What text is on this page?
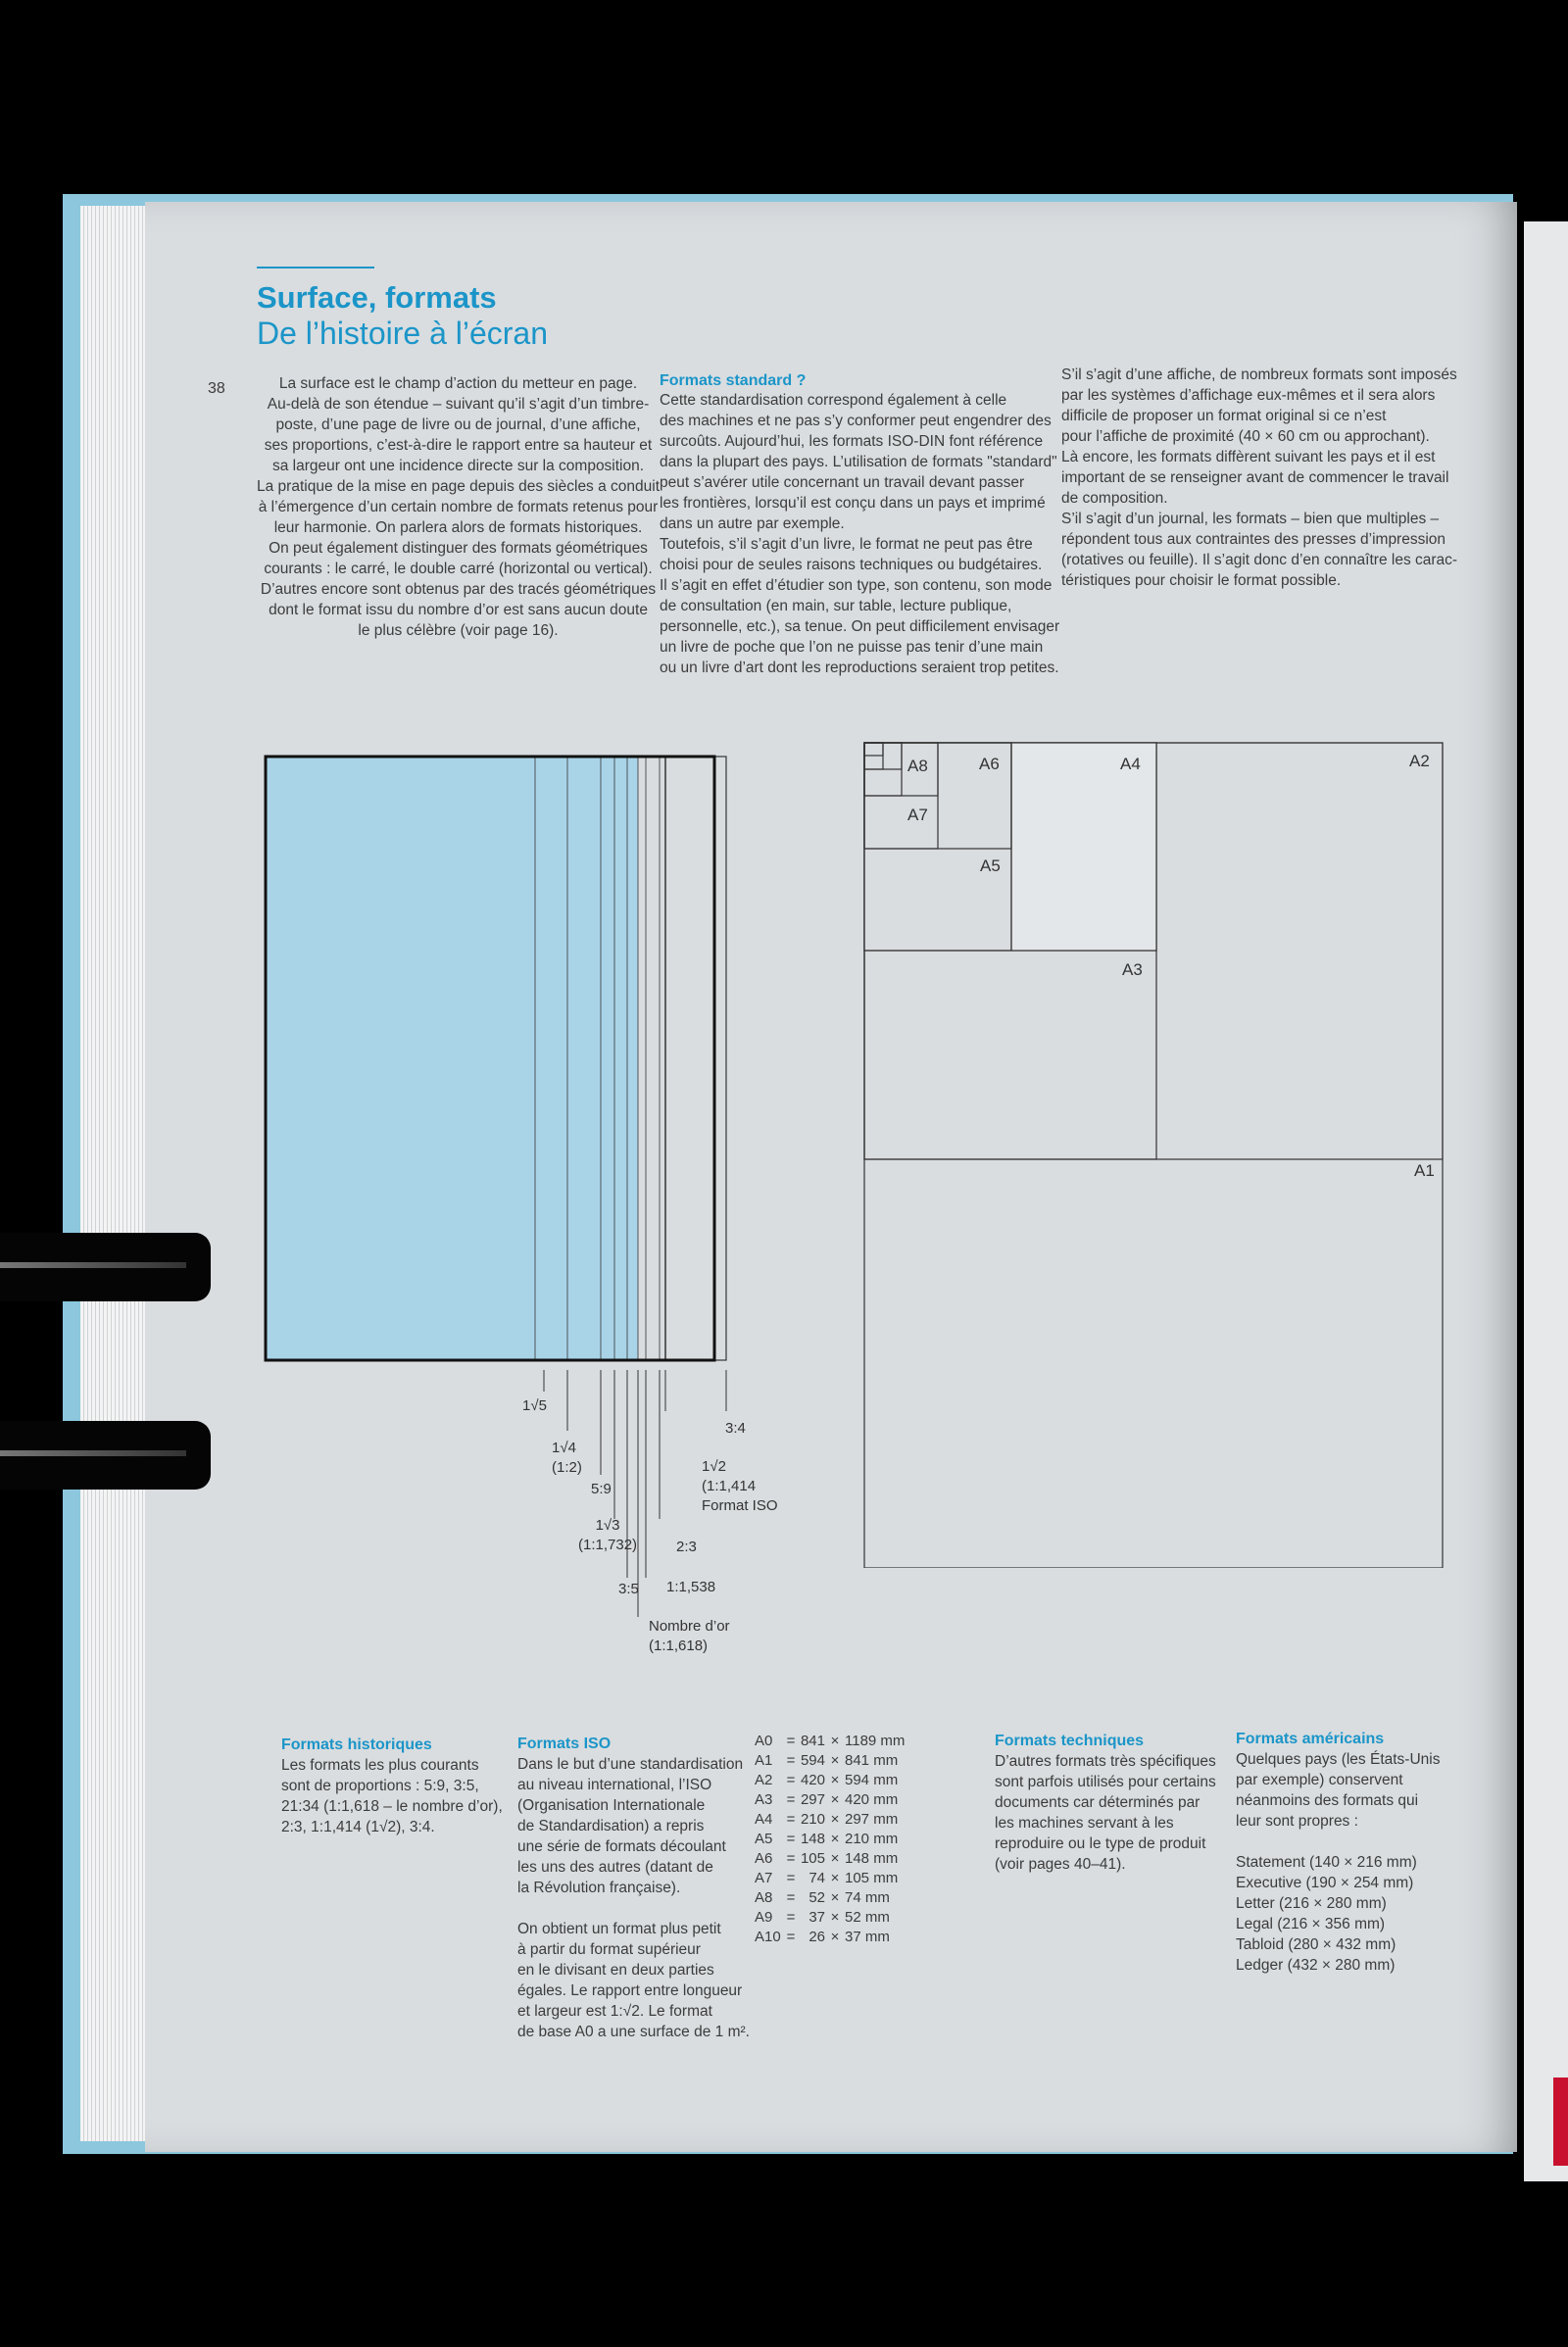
Surface, formats
De l’histoire à l’écran
38	La surface est le champ d’action du metteur en page.
Au-delà de son étendue – suivant qu’il s’agit d’un timbre-
poste, d’une page de livre ou de journal, d’une affiche,
ses proportions, c’est-à-dire le rapport entre sa hauteur et
sa largeur ont une incidence directe sur la composition.
La pratique de la mise en page depuis des siècles a conduit
à l’émergence d’un certain nombre de formats retenus pour
leur harmonie. On parlera alors de formats historiques.
On peut également distinguer des formats géométriques
courants : le carré, le double carré (horizontal ou vertical).
D’autres encore sont obtenus par des tracés géométriques
dont le format issu du nombre d’or est sans aucun doute
le plus célèbre (voir page 16).
Formats standard ?
Cette standardisation correspond également à celle
des machines et ne pas s’y conformer peut engendrer des
surcoûts. Aujourd’hui, les formats ISO-DIN font référence
dans la plupart des pays. L’utilisation de formats "standard"
peut s’avérer utile concernant un travail devant passer
les frontières, lorsqu’il est conçu dans un pays et imprimé
dans un autre par exemple.
Toutefois, s’il s’agit d’un livre, le format ne peut pas être
choisi pour de seules raisons techniques ou budgétaires.
Il s’agit en effet d’étudier son type, son contenu, son mode
de consultation (en main, sur table, lecture publique,
personnelle, etc.), sa tenue. On peut difficilement envisager
un livre de poche que l’on ne puisse pas tenir d’une main
ou un livre d’art dont les reproductions seraient trop petites.
S’il s’agit d’une affiche, de nombreux formats sont imposés
par les systèmes d’affichage eux-mêmes et il sera alors
difficile de proposer un format original si ce n’est
pour l’affiche de proximité (40 × 60 cm ou approchant).
Là encore, les formats diffèrent suivant les pays et il est
important de se renseigner avant de commencer le travail
de composition.
S’il s’agit d’un journal, les formats – bien que multiples –
répondent tous aux contraintes des presses d’impression
(rotatives ou feuille). Il s’agit donc d’en connaître les carac-
téristiques pour choisir le format possible.
1√5
1√4
(1:2)
5:9
1√3
(1:1,732)
3:5 1:1,538
Nombre d’or
(1:1,618)
2:3
1√2
(1:1,414
Format ISO
3:4
A8
A7
A6
A5
A4
A3
A2
A1
Formats historiques
Les formats les plus courants
sont de proportions : 5:9, 3:5,
21:34 (1:1,618 – le nombre d’or),
2:3, 1:1,414 (1√2), 3:4.
Formats ISO
Dans le but d’une standardisation
au niveau international, l’ISO
(Organisation Internationale
de Standardisation) a repris
une série de formats découlant
les uns des autres (datant de
la Révolution française).

On obtient un format plus petit
à partir du format supérieur
en le divisant en deux parties
égales. Le rapport entre longueur
et largeur est 1:√2. Le format
de base A0 a une surface de 1 m².
A0 = 841 × 1189 mm
A1 = 594 × 841 mm
A2 = 420 × 594 mm
A3 = 297 × 420 mm
A4 = 210 × 297 mm
A5 = 148 × 210 mm
A6 = 105 × 148 mm
A7 = 74 × 105 mm
A8 = 52 × 74 mm
A9 = 37 × 52 mm
A10 = 26 × 37 mm
Formats techniques
D’autres formats très spécifiques
sont parfois utilisés pour certains
documents car déterminés par
les machines servant à les
reproduire ou le type de produit
(voir pages 40–41).
Formats américains
Quelques pays (les États-Unis
par exemple) conservent
néanmoins des formats qui
leur sont propres :

Statement (140 × 216 mm)
Executive (190 × 254 mm)
Letter (216 × 280 mm)
Legal (216 × 356 mm)
Tabloid (280 × 432 mm)
Ledger (432 × 280 mm)
